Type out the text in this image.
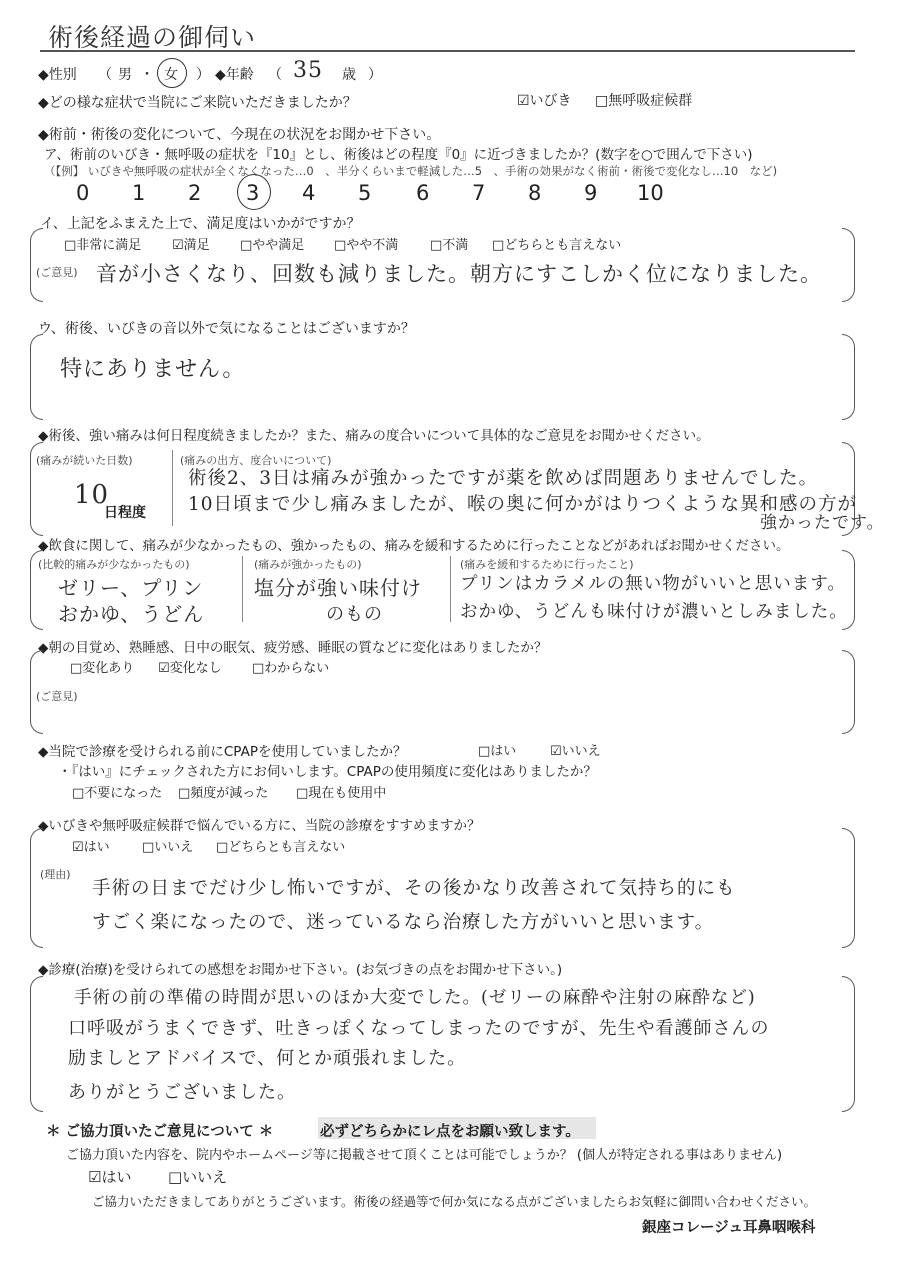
術後経過の御伺い
◆性別 （ 男 ・ 女 ） ◆年齢 （ 35 歳 ）
◆どの様な症状で当院にご来院いただきましたか？	☑いびき □無呼吸症候群
◆術前・術後の変化について、今現在の状況をお聞かせ下さい。
ア、術前のいびき・無呼吸の症状を『10』とし、術後はどの程度『0』に近づきましたか？(数字を○で囲んで下さい)
（【例】 いびきや無呼吸の症状が全くなくなった…0　、半分くらいまで軽減した…5　、手術の効果がなく術前・術後で変化なし…10　など)
0 1 2 3 4 5 6 7 8 9 10
イ、上記をふまえた上で、満足度はいかがですか？
□非常に満足 ☑満足 □やや満足 □やや不満 □不満 □どちらとも言えない
(ご意見) 音が小さくなり、回数も減りました。朝方にすこしかく位になりました。
ウ、術後、いびきの音以外で気になることはございますか？
特にありません。
◆術後、強い痛みは何日程度続きましたか？また、痛みの度合いについて具体的なご意見をお聞かせください。
(痛みが続いた日数)
10
日程度
(痛みの出方、度合いについて)
術後2、3日は痛みが強かったですが薬を飲めば問題ありませんでした。
10日頃まで少し痛みましたが、喉の奥に何かがはりつくような異和感の方が
強かったです。
◆飲食に関して、痛みが少なかったもの、強かったもの、痛みを緩和するために行ったことなどがあればお聞かせください。
(比較的痛みが少なかったもの)
ゼリー、プリン
おかゆ、うどん
(痛みが強かったもの)
塩分が強い味付け
のもの
(痛みを緩和するために行ったこと)
プリンはカラメルの無い物がいいと思います。
おかゆ、うどんも味付けが濃いとしみました。
◆朝の目覚め、熟睡感、日中の眠気、疲労感、睡眠の質などに変化はありましたか？
□変化あり ☑変化なし □わからない
(ご意見)
◆当院で診療を受けられる前にCPAPを使用していましたか？	□はい	☑いいえ
・『はい』にチェックされた方にお伺いします。CPAPの使用頻度に変化はありましたか？
□不要になった □頻度が減った □現在も使用中
◆いびきや無呼吸症候群で悩んでいる方に、当院の診療をすすめますか？
☑はい □いいえ □どちらとも言えない
(理由)
手術の日までだけ少し怖いですが、その後かなり改善されて気持ち的にも
すごく楽になったので、迷っているなら治療した方がいいと思います。
◆診療(治療)を受けられての感想をお聞かせ下さい。(お気づきの点をお聞かせ下さい。)
手術の前の準備の時間が思いのほか大変でした。(ゼリーの麻酔や注射の麻酔など)
口呼吸がうまくできず、吐きっぽくなってしまったのですが、先生や看護師さんの
励ましとアドバイスで、何とか頑張れました。
ありがとうございました。
＊ ご協力頂いたご意見について ＊	必ずどちらかにレ点をお願い致します。
ご協力頂いた内容を、院内やホームページ等に掲載させて頂くことは可能でしょうか？ (個人が特定される事はありません)
☑はい □いいえ
ご協力いただきましてありがとうございます。術後の経過等で何か気になる点がございましたらお気軽に御問い合わせください。
銀座コレージュ耳鼻咽喉科
